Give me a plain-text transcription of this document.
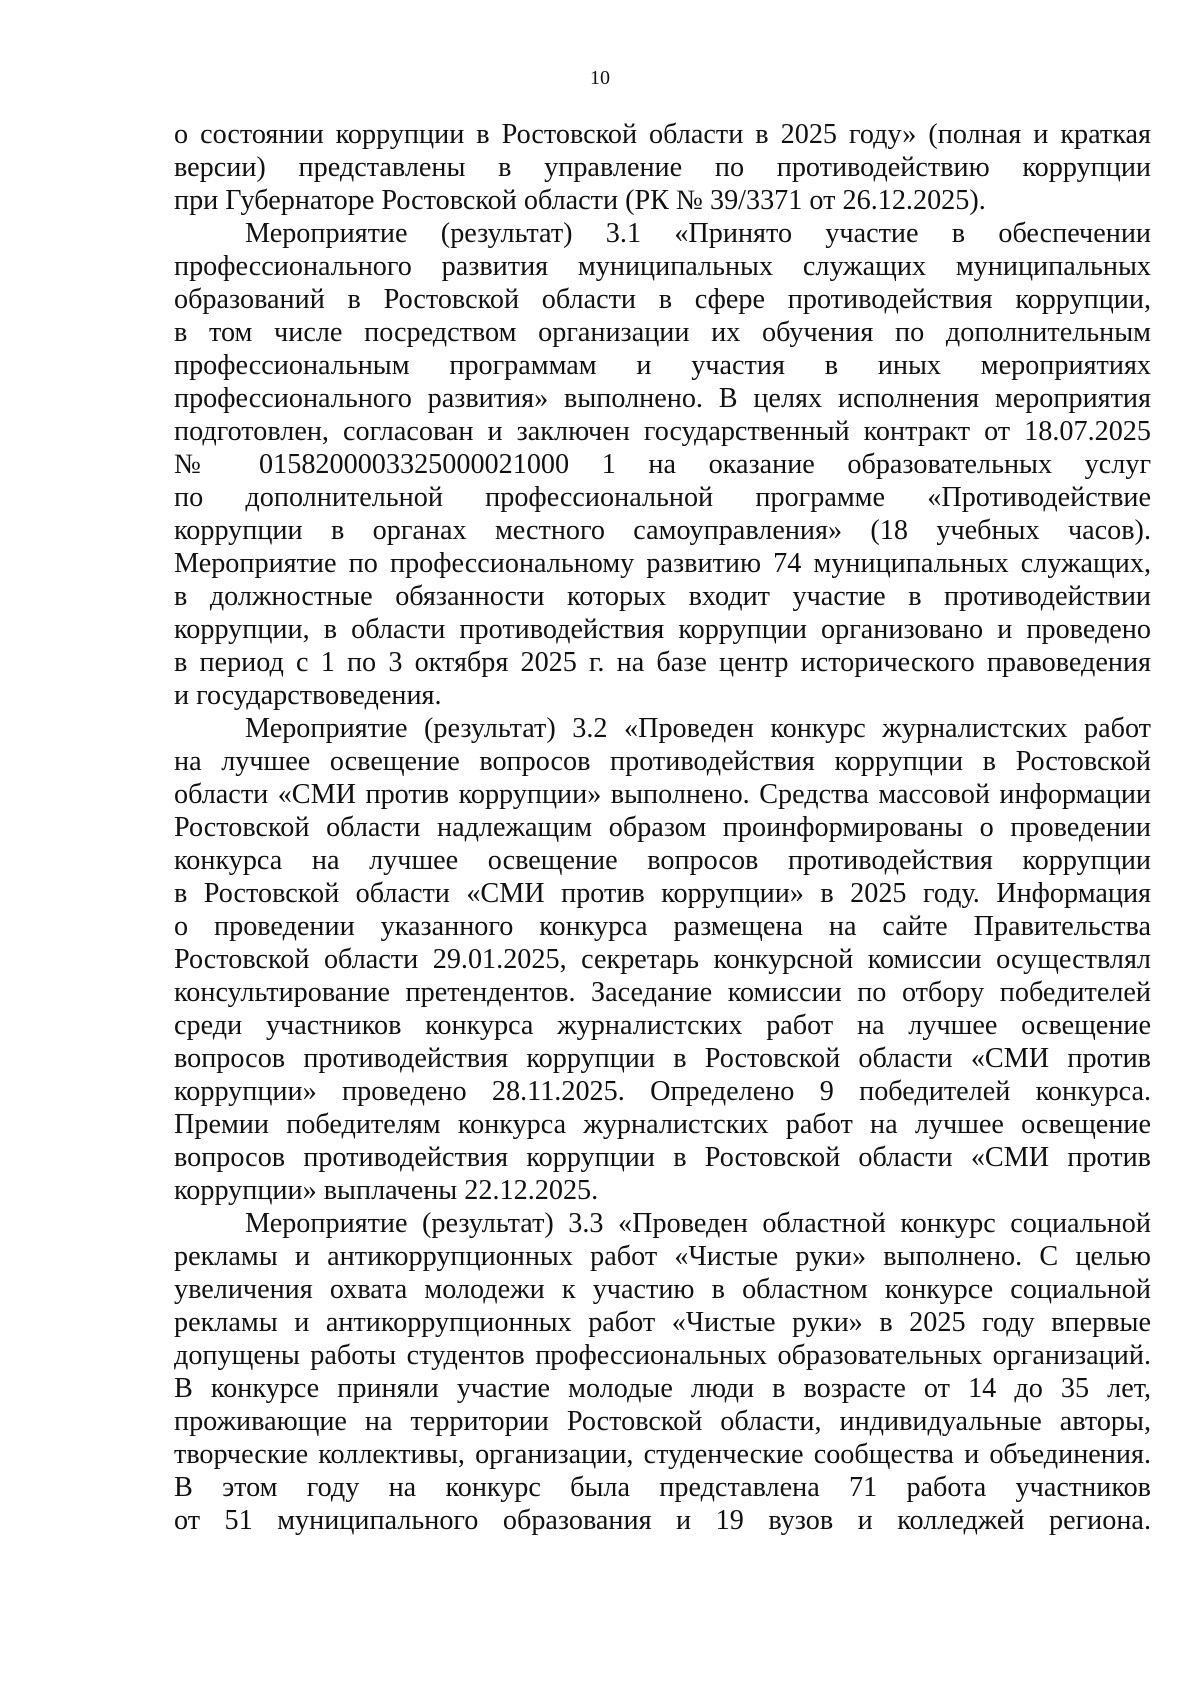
10
о состоянии коррупции в Ростовской области в 2025 году» (полная и краткая
версии) представлены в управление по противодействию коррупции
при Губернаторе Ростовской области (РК № 39/3371 от 26.12.2025).
Мероприятие (результат) 3.1 «Принято участие в обеспечении
профессионального развития муниципальных служащих муниципальных
образований в Ростовской области в сфере противодействия коррупции,
в том числе посредством организации их обучения по дополнительным
профессиональным программам и участия в иных мероприятиях
профессионального развития» выполнено. В целях исполнения мероприятия
подготовлен, согласован и заключен государственный контракт от 18.07.2025
№ 0158200003325000021000 1 на оказание образовательных услуг
по дополнительной профессиональной программе «Противодействие
коррупции в органах местного самоуправления» (18 учебных часов).
Мероприятие по профессиональному развитию 74 муниципальных служащих,
в должностные обязанности которых входит участие в противодействии
коррупции, в области противодействия коррупции организовано и проведено
в период с 1 по 3 октября 2025 г. на базе центр исторического правоведения
и государствоведения.
Мероприятие (результат) 3.2 «Проведен конкурс журналистских работ
на лучшее освещение вопросов противодействия коррупции в Ростовской
области «СМИ против коррупции» выполнено. Средства массовой информации
Ростовской области надлежащим образом проинформированы о проведении
конкурса на лучшее освещение вопросов противодействия коррупции
в Ростовской области «СМИ против коррупции» в 2025 году. Информация
о проведении указанного конкурса размещена на сайте Правительства
Ростовской области 29.01.2025, секретарь конкурсной комиссии осуществлял
консультирование претендентов. Заседание комиссии по отбору победителей
среди участников конкурса журналистских работ на лучшее освещение
вопросов противодействия коррупции в Ростовской области «СМИ против
коррупции» проведено 28.11.2025. Определено 9 победителей конкурса.
Премии победителям конкурса журналистских работ на лучшее освещение
вопросов противодействия коррупции в Ростовской области «СМИ против
коррупции» выплачены 22.12.2025.
Мероприятие (результат) 3.3 «Проведен областной конкурс социальной
рекламы и антикоррупционных работ «Чистые руки» выполнено. С целью
увеличения охвата молодежи к участию в областном конкурсе социальной
рекламы и антикоррупционных работ «Чистые руки» в 2025 году впервые
допущены работы студентов профессиональных образовательных организаций.
В конкурсе приняли участие молодые люди в возрасте от 14 до 35 лет,
проживающие на территории Ростовской области, индивидуальные авторы,
творческие коллективы, организации, студенческие сообщества и объединения.
В этом году на конкурс была представлена 71 работа участников
от 51 муниципального образования и 19 вузов и колледжей региона.
